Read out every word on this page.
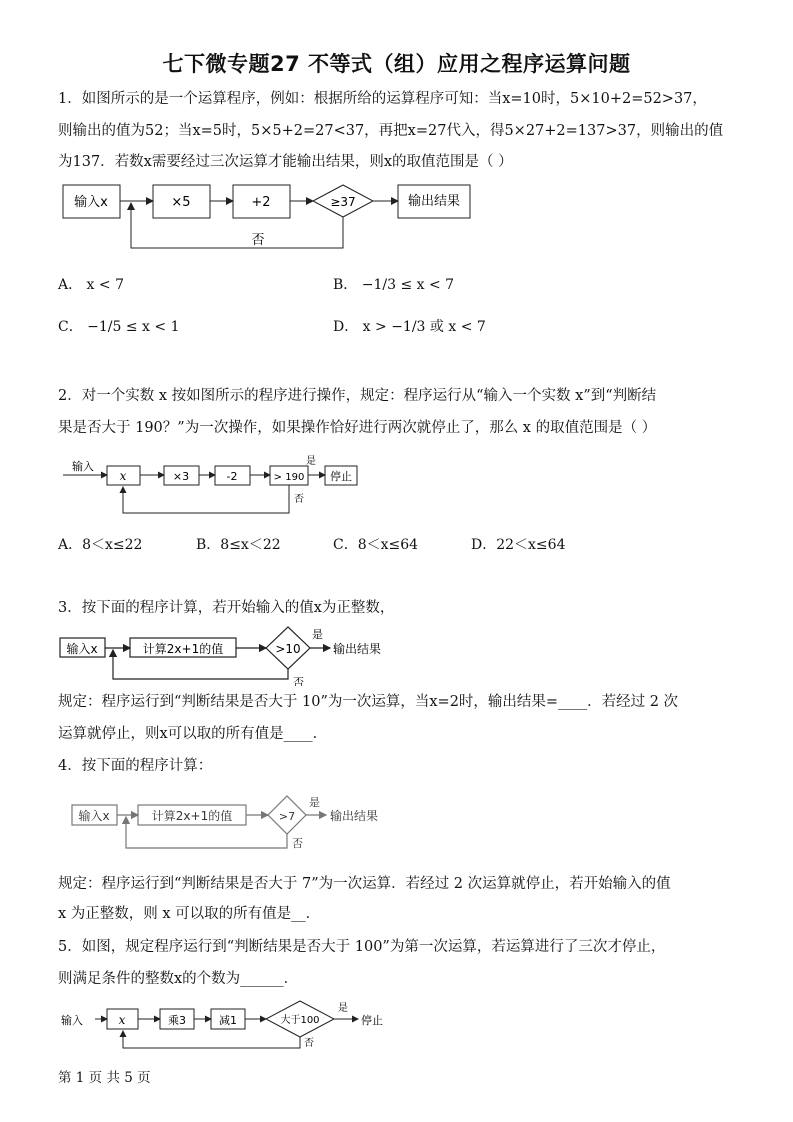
七下微专题27 不等式（组）应用之程序运算问题
1．如图所示的是一个运算程序，例如：根据所给的运算程序可知：当x=10时，5×10+2=52>37，
则输出的值为52；当x=5时，5×5+2=27<37，再把x=27代入，得5×27+2=137>37，则输出的值
为137．若数x需要经过三次运算才能输出结果，则x的取值范围是（ ）
输入x	×5	+2	≥37	输出结果
否
A． x < 7	B． −1/3 ≤ x < 7
C． −1/5 ≤ x < 1	D． x > −1/3 或 x < 7
2．对一个实数 x 按如图所示的程序进行操作，规定：程序运行从“输入一个实数 x”到“判断结
果是否大于 190？”为一次操作，如果操作恰好进行两次就停止了，那么 x 的取值范围是（ ）
输入
x	×3	-2	> 190
是
停止
否
A．8＜x≤22	B．8≤x＜22	C．8＜x≤64	D．22＜x≤64
3．按下面的程序计算，若开始输入的值x为正整数，
输入x	计算2x+1的值	>10
是
输出结果
否
规定：程序运行到“判断结果是否大于 10”为一次运算，当x=2时，输出结果=____．若经过 2 次
运算就停止，则x可以取的所有值是____．
4．按下面的程序计算：
输入x	计算2x+1的值	>7
是
输出结果
否
规定：程序运行到“判断结果是否大于 7”为一次运算．若经过 2 次运算就停止，若开始输入的值
x 为正整数，则 x 可以取的所有值是__．
5．如图，规定程序运行到“判断结果是否大于 100”为第一次运算，若运算进行了三次才停止，
则满足条件的整数x的个数为______．
输入	x	乘3	减1	大于100
是
停止
否
第 1 页 共 5 页
